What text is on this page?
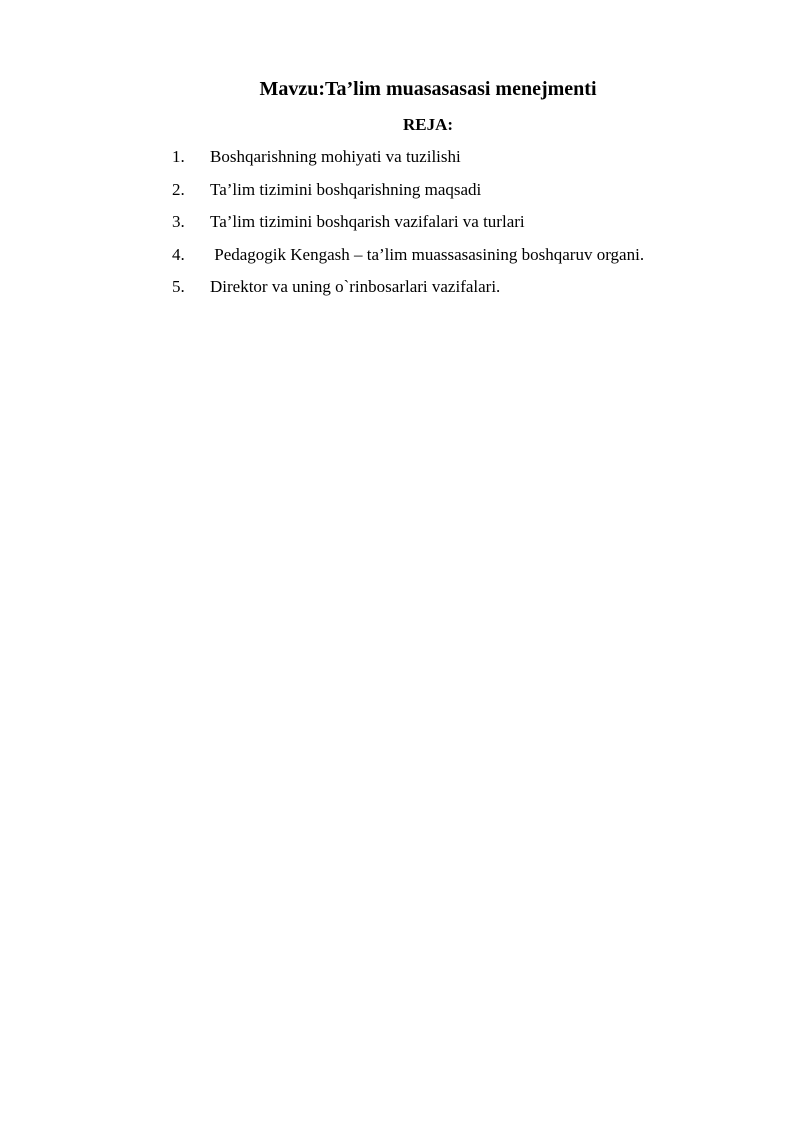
Mavzu:Ta’lim muasasasasi menejmenti
REJA:
1.	Boshqarishning mohiyati va tuzilishi
2.	Ta’lim tizimini boshqarishning maqsadi
3.	Ta’lim tizimini boshqarish vazifalari va turlari
4.	Pedagogik Kengash – ta’lim muassasasining boshqaruv organi.
5.	Direktor va uning o`rinbosarlari vazifalari.
